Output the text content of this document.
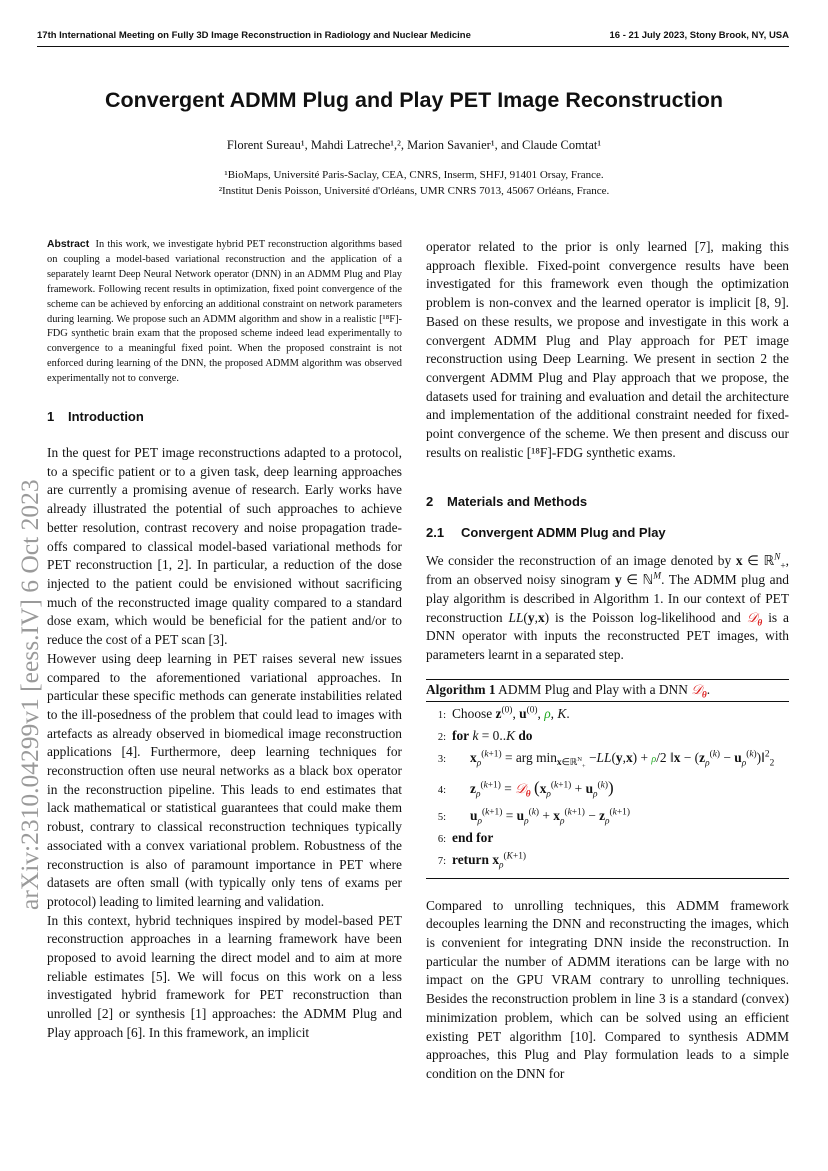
17th International Meeting on Fully 3D Image Reconstruction in Radiology and Nuclear Medicine	16 - 21 July 2023, Stony Brook, NY, USA
Convergent ADMM Plug and Play PET Image Reconstruction
Florent Sureau¹, Mahdi Latreche¹,², Marion Savanier¹, and Claude Comtat¹
¹BioMaps, Université Paris-Saclay, CEA, CNRS, Inserm, SHFJ, 91401 Orsay, France.
²Institut Denis Poisson, Université d'Orléans, UMR CNRS 7013, 45067 Orléans, France.
arXiv:2310.04299v1 [eess.IV] 6 Oct 2023

Abstract In this work, we investigate hybrid PET reconstruction algorithms based on coupling a model-based variational reconstruction and the application of a separately learnt Deep Neural Network operator (DNN) in an ADMM Plug and Play framework. Following recent results in optimization, fixed point convergence of the scheme can be achieved by enforcing an additional constraint on network parameters during learning. We propose such an ADMM algorithm and show in a realistic [¹⁸F]-FDG synthetic brain exam that the proposed scheme indeed lead experimentally to convergence to a meaningful fixed point. When the proposed constraint is not enforced during learning of the DNN, the proposed ADMM algorithm was observed experimentally not to converge.

1 Introduction

In the quest for PET image reconstructions adapted to a protocol, to a specific patient or to a given task, deep learning approaches are currently a promising avenue of research. Early works have already illustrated the potential of such approaches to achieve better resolution, contrast recovery and noise propagation trade-offs compared to classical model-based variational methods for PET reconstruction [1, 2]. In particular, a reduction of the dose injected to the patient could be envisioned without sacrificing much of the reconstructed image quality compared to a standard dose exam, which would be beneficial for the patient and/or to reduce the cost of a PET scan [3].

However using deep learning in PET raises several new issues compared to the aforementioned variational approaches. In particular these specific methods can generate instabilities related to the ill-posedness of the problem that could lead to images with artefacts as already observed in biomedical image reconstruction applications [4]. Furthermore, deep learning techniques for reconstruction often use neural networks as a black box operator in the reconstruction pipeline. This leads to end estimates that lack mathematical or statistical guarantees that could make them robust, contrary to classical reconstruction techniques typically associated with a convex variational problem. Robustness of the reconstruction is also of paramount importance in PET where datasets are often small (with typically only tens of exams per protocol) leading to limited learning and validation.

In this context, hybrid techniques inspired by model-based PET reconstruction approaches in a learning framework have been proposed to avoid learning the direct model and to aim at more reliable estimates [5]. We will focus on this work on a less investigated hybrid framework for PET reconstruction than unrolled [2] or synthesis [1] approaches: the ADMM Plug and Play approach [6]. In this framework, an implicit

operator related to the prior is only learned [7], making this approach flexible. Fixed-point convergence results have been investigated for this framework even though the optimization problem is non-convex and the learned operator is implicit [8, 9]. Based on these results, we propose and investigate in this work a convergent ADMM Plug and Play approach for PET image reconstruction using Deep Learning. We present in section 2 the convergent ADMM Plug and Play approach that we propose, the datasets used for training and evaluation and detail the architecture and implementation of the additional constraint needed for fixed-point convergence of the scheme. We then present and discuss our results on realistic [¹⁸F]-FDG synthetic exams.

2 Materials and Methods
2.1 Convergent ADMM Plug and Play

We consider the reconstruction of an image denoted by x ∈ ℝ$^N_+$, from an observed noisy sinogram y ∈ ℕ$^M$. The ADMM plug and play algorithm is described in Algorithm 1. In our context of PET reconstruction LL(y,x) is the Poisson log-likelihood and 𝒟$_\theta$ is a DNN operator with inputs the reconstructed PET images, with parameters learnt in a separated step.

Algorithm 1 ADMM Plug and Play with a DNN 𝒟$_\theta$.
1: Choose $z^{(0)}$, $u^{(0)}$, ρ, K.
2: for k = 0..K do
3:	$x_\rho^{(k+1)}$ = arg $\min_{x\in ℝ^N_+} -LL(y,x) + \rho/2$ ‖x − ($z_\rho^{(k)}$ − $u_\rho^{(k)})‖^2_2$
4:	$z_\rho^{(k+1)}$ = 𝒟$_\theta$ $(x_\rho^{(k+1)} + u_\rho^{(k)})$
5:	$u_\rho^{(k+1)} = u_\rho^{(k)} + x_\rho^{(k+1)} - z_\rho^{(k+1)}$
6: end for
7: return $x_\rho^{(K+1)}$

Compared to unrolling techniques, this ADMM framework decouples learning the DNN and reconstructing the images, which is convenient for integrating DNN inside the reconstruction. In particular the number of ADMM iterations can be large with no impact on the GPU VRAM contrary to unrolling techniques. Besides the reconstruction problem in line 3 is a standard (convex) minimization problem, which can be solved using an efficient existing PET algorithm [10]. Compared to synthesis ADMM approaches, this Plug and Play formulation leads to a simple condition on the DNN for
